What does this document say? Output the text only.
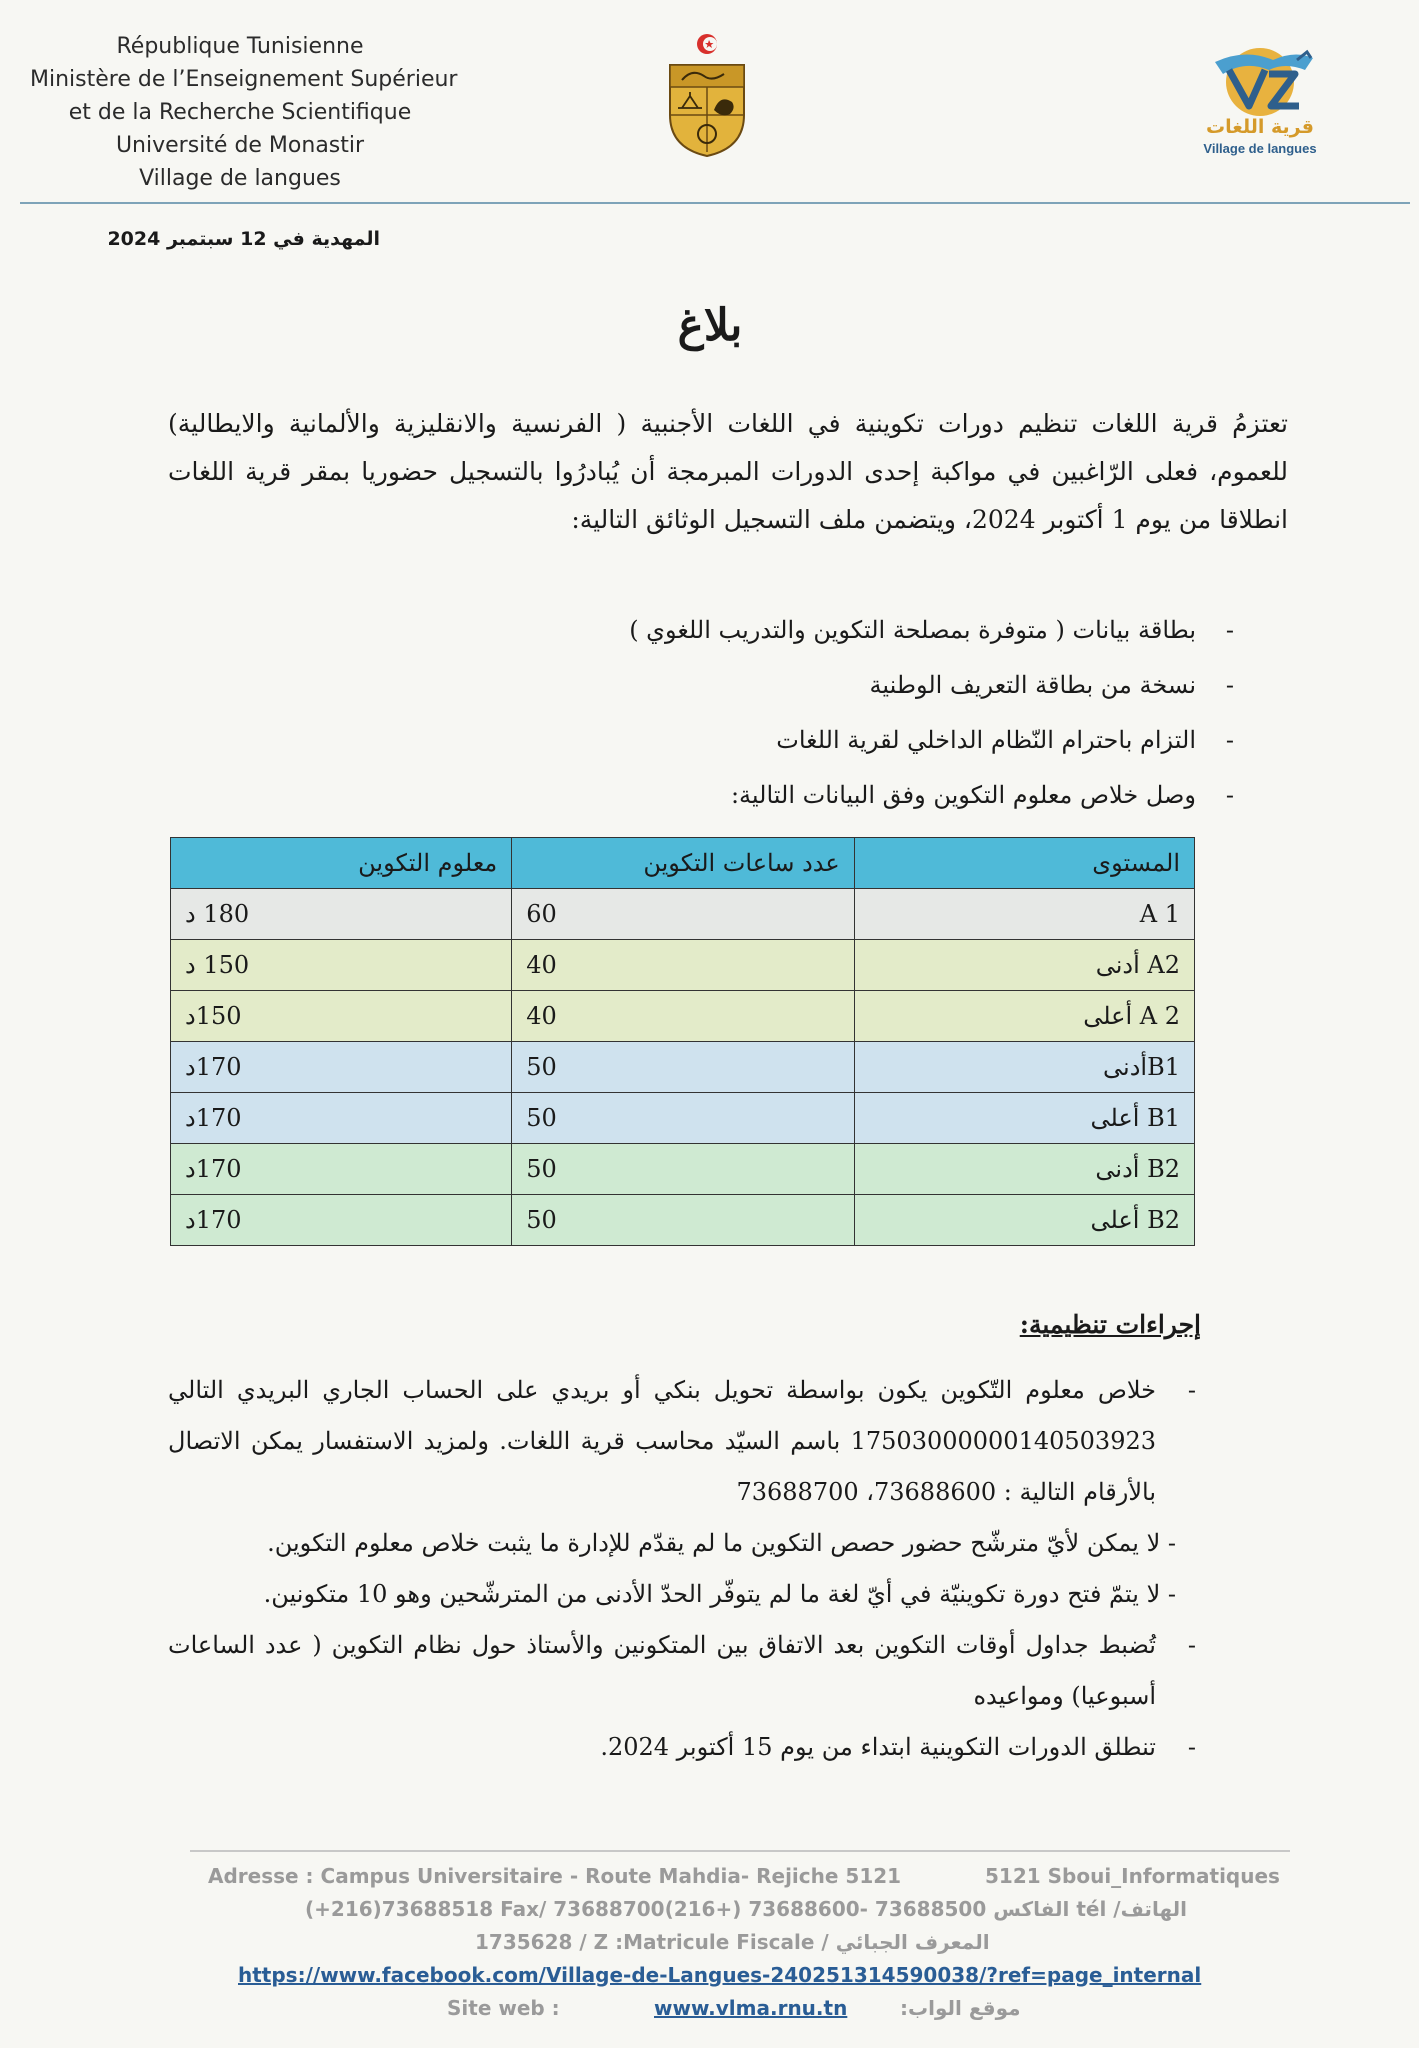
République Tunisienne
Ministère de l’Enseignement Supérieur
et de la Recherche Scientifique
Université de Monastir
Village de langues
قرية اللغات
Village de langues
المهدية في 12 سبتمبر 2024
بلاغ
تعتزمُ قرية اللغات تنظيم دورات تكوينية في اللغات الأجنبية ( الفرنسية والانقليزية والألمانية والايطالية) للعموم، فعلى الرّاغبين في مواكبة إحدى الدورات المبرمجة أن يُبادرُوا بالتسجيل حضوريا بمقر قرية اللغات انطلاقا من يوم 1 أكتوبر 2024، ويتضمن ملف التسجيل الوثائق التالية:
- بطاقة بيانات ( متوفرة بمصلحة التكوين والتدريب اللغوي )
- نسخة من بطاقة التعريف الوطنية
- التزام باحترام النّظام الداخلي لقرية اللغات
- وصل خلاص معلوم التكوين وفق البيانات التالية:
المستوى	عدد ساعات التكوين	معلوم التكوين
A 1	60	180 د
A2 أدنى	40	150 د
A 2 أعلى	40	150د
B1أدنى	50	170د
B1 أعلى	50	170د
B2 أدنى	50	170د
B2 أعلى	50	170د
إجراءات تنظيمية:

- خلاص معلوم التّكوين يكون بواسطة تحويل بنكي أو بريدي على الحساب الجاري البريدي التالي 17503000000140503923 باسم السيّد محاسب قرية اللغات. ولمزيد الاستفسار يمكن الاتصال بالأرقام التالية : 73688600، 73688700

- لا يمكن لأيّ مترشّح حضور حصص التكوين ما لم يقدّم للإدارة ما يثبت خلاص معلوم التكوين.

- لا يتمّ فتح دورة تكوينيّة في أيّ لغة ما لم يتوفّر الحدّ الأدنى من المترشّحين وهو 10 متكونين.

- تُضبط جداول أوقات التكوين بعد الاتفاق بين المتكونين والأستاذ حول نظام التكوين ( عدد الساعات أسبوعيا) ومواعيده

- تنطلق الدورات التكوينية ابتداء من يوم 15 أكتوبر 2024.

Adresse : Campus Universitaire - Route Mahdia- Rejiche 5121	5121 Sboui_Informatiques
(+216)73688518 Fax/ الفاكس 73688500 -73688600 (+216)73688700 tél /الهاتف
1735628 / Z :Matricule Fiscale / المعرف الجبائي
https://www.facebook.com/Village-de-Langues-240251314590038/?ref=page_internal
Site web :	www.vlma.rnu.tn	موقع الواب:
